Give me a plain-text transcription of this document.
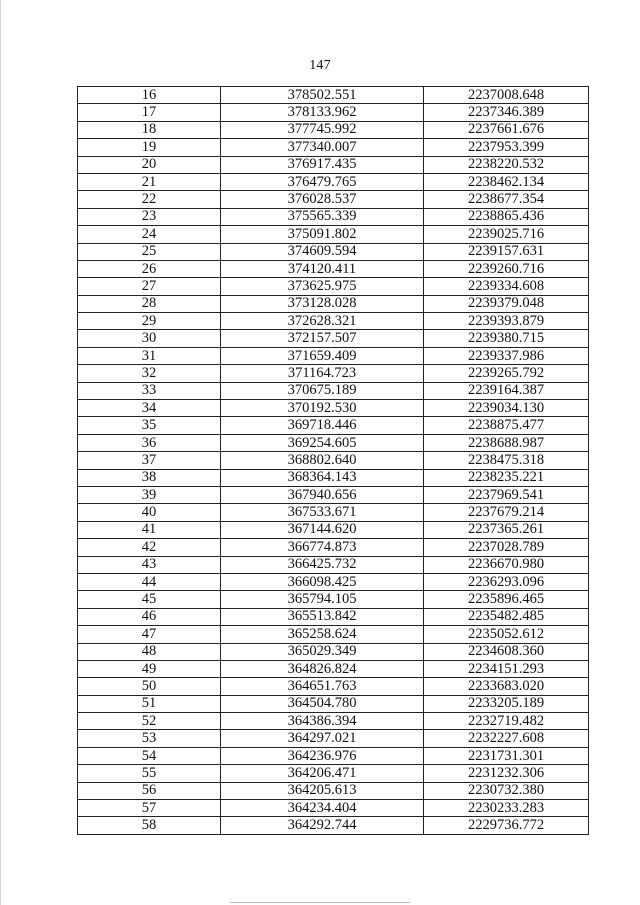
147
16	378502.551	2237008.648
17	378133.962	2237346.389
18	377745.992	2237661.676
19	377340.007	2237953.399
20	376917.435	2238220.532
21	376479.765	2238462.134
22	376028.537	2238677.354
23	375565.339	2238865.436
24	375091.802	2239025.716
25	374609.594	2239157.631
26	374120.411	2239260.716
27	373625.975	2239334.608
28	373128.028	2239379.048
29	372628.321	2239393.879
30	372157.507	2239380.715
31	371659.409	2239337.986
32	371164.723	2239265.792
33	370675.189	2239164.387
34	370192.530	2239034.130
35	369718.446	2238875.477
36	369254.605	2238688.987
37	368802.640	2238475.318
38	368364.143	2238235.221
39	367940.656	2237969.541
40	367533.671	2237679.214
41	367144.620	2237365.261
42	366774.873	2237028.789
43	366425.732	2236670.980
44	366098.425	2236293.096
45	365794.105	2235896.465
46	365513.842	2235482.485
47	365258.624	2235052.612
48	365029.349	2234608.360
49	364826.824	2234151.293
50	364651.763	2233683.020
51	364504.780	2233205.189
52	364386.394	2232719.482
53	364297.021	2232227.608
54	364236.976	2231731.301
55	364206.471	2231232.306
56	364205.613	2230732.380
57	364234.404	2230233.283
58	364292.744	2229736.772
